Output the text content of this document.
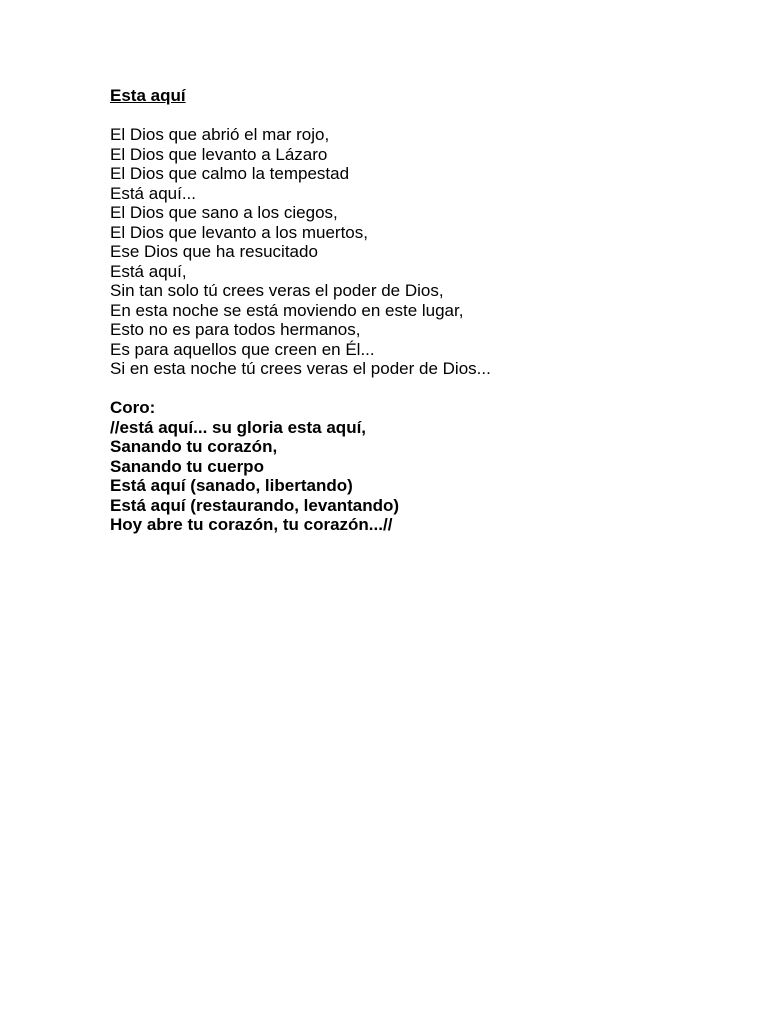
Esta aquí

El Dios que abrió el mar rojo,

El Dios que levanto a Lázaro

El Dios que calmo la tempestad

Está aquí...

El Dios que sano a los ciegos,

El Dios que levanto a los muertos,

Ese Dios que ha resucitado

Está aquí,

Sin tan solo tú crees veras el poder de Dios,

En esta noche se está moviendo en este lugar,

Esto no es para todos hermanos,

Es para aquellos que creen en Él...

Si en esta noche tú crees veras el poder de Dios...

Coro:

//está aquí... su gloria esta aquí,

Sanando tu corazón,

Sanando tu cuerpo

Está aquí (sanado, libertando)

Está aquí (restaurando, levantando)

Hoy abre tu corazón, tu corazón...//
